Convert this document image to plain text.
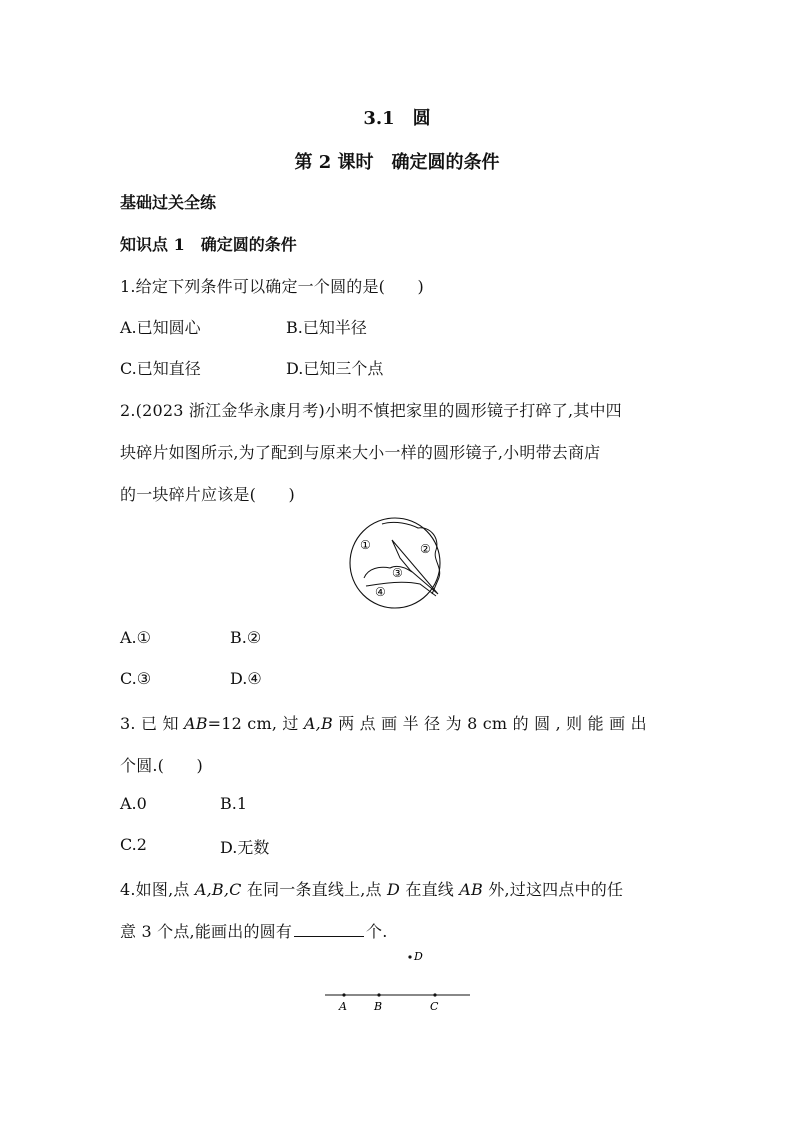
3.1　圆
第 2 课时　确定圆的条件
基础过关全练
知识点 1　确定圆的条件
1.给定下列条件可以确定一个圆的是(　　)
A.已知圆心	B.已知半径
C.已知直径	D.已知三个点
2.(2023 浙江金华永康月考)小明不慎把家里的圆形镜子打碎了,其中四
块碎片如图所示,为了配到与原来大小一样的圆形镜子,小明带去商店
的一块碎片应该是(　　)
①	②
③
④
A.①	B.②
C.③	D.④
3. 已 知 AB=12 cm, 过 A,B 两 点 画 半 径 为 8 cm 的 圆 , 则 能 画 出
个圆.(　　)
A.0	B.1
C.2	D.无数
4.如图,点 A,B,C 在同一条直线上,点 D 在直线 AB 外,过这四点中的任
意 3 个点,能画出的圆有	个.
A B	C
D
